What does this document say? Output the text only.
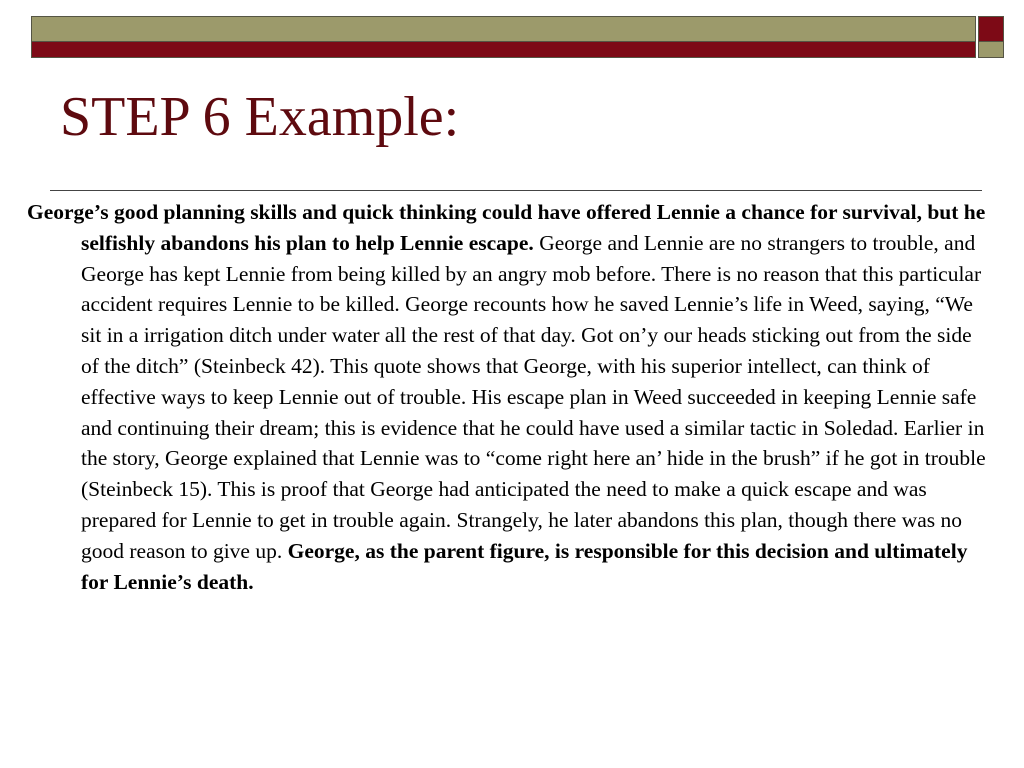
STEP 6 Example:

George’s good planning skills and quick thinking could have offered Lennie a chance for survival, but he selfishly abandons his plan to help Lennie escape. George and Lennie are no strangers to trouble, and George has kept Lennie from being killed by an angry mob before. There is no reason that this particular accident requires Lennie to be killed. George recounts how he saved Lennie’s life in Weed, saying, “We sit in a irrigation ditch under water all the rest of that day. Got on’y our heads sticking out from the side of the ditch” (Steinbeck 42). This quote shows that George, with his superior intellect, can think of effective ways to keep Lennie out of trouble. His escape plan in Weed succeeded in keeping Lennie safe and continuing their dream; this is evidence that he could have used a similar tactic in Soledad. Earlier in the story, George explained that Lennie was to “come right here an’ hide in the brush” if he got in trouble (Steinbeck 15). This is proof that George had anticipated the need to make a quick escape and was prepared for Lennie to get in trouble again. Strangely, he later abandons this plan, though there was no good reason to give up. George, as the parent figure, is responsible for this decision and ultimately for Lennie’s death.
